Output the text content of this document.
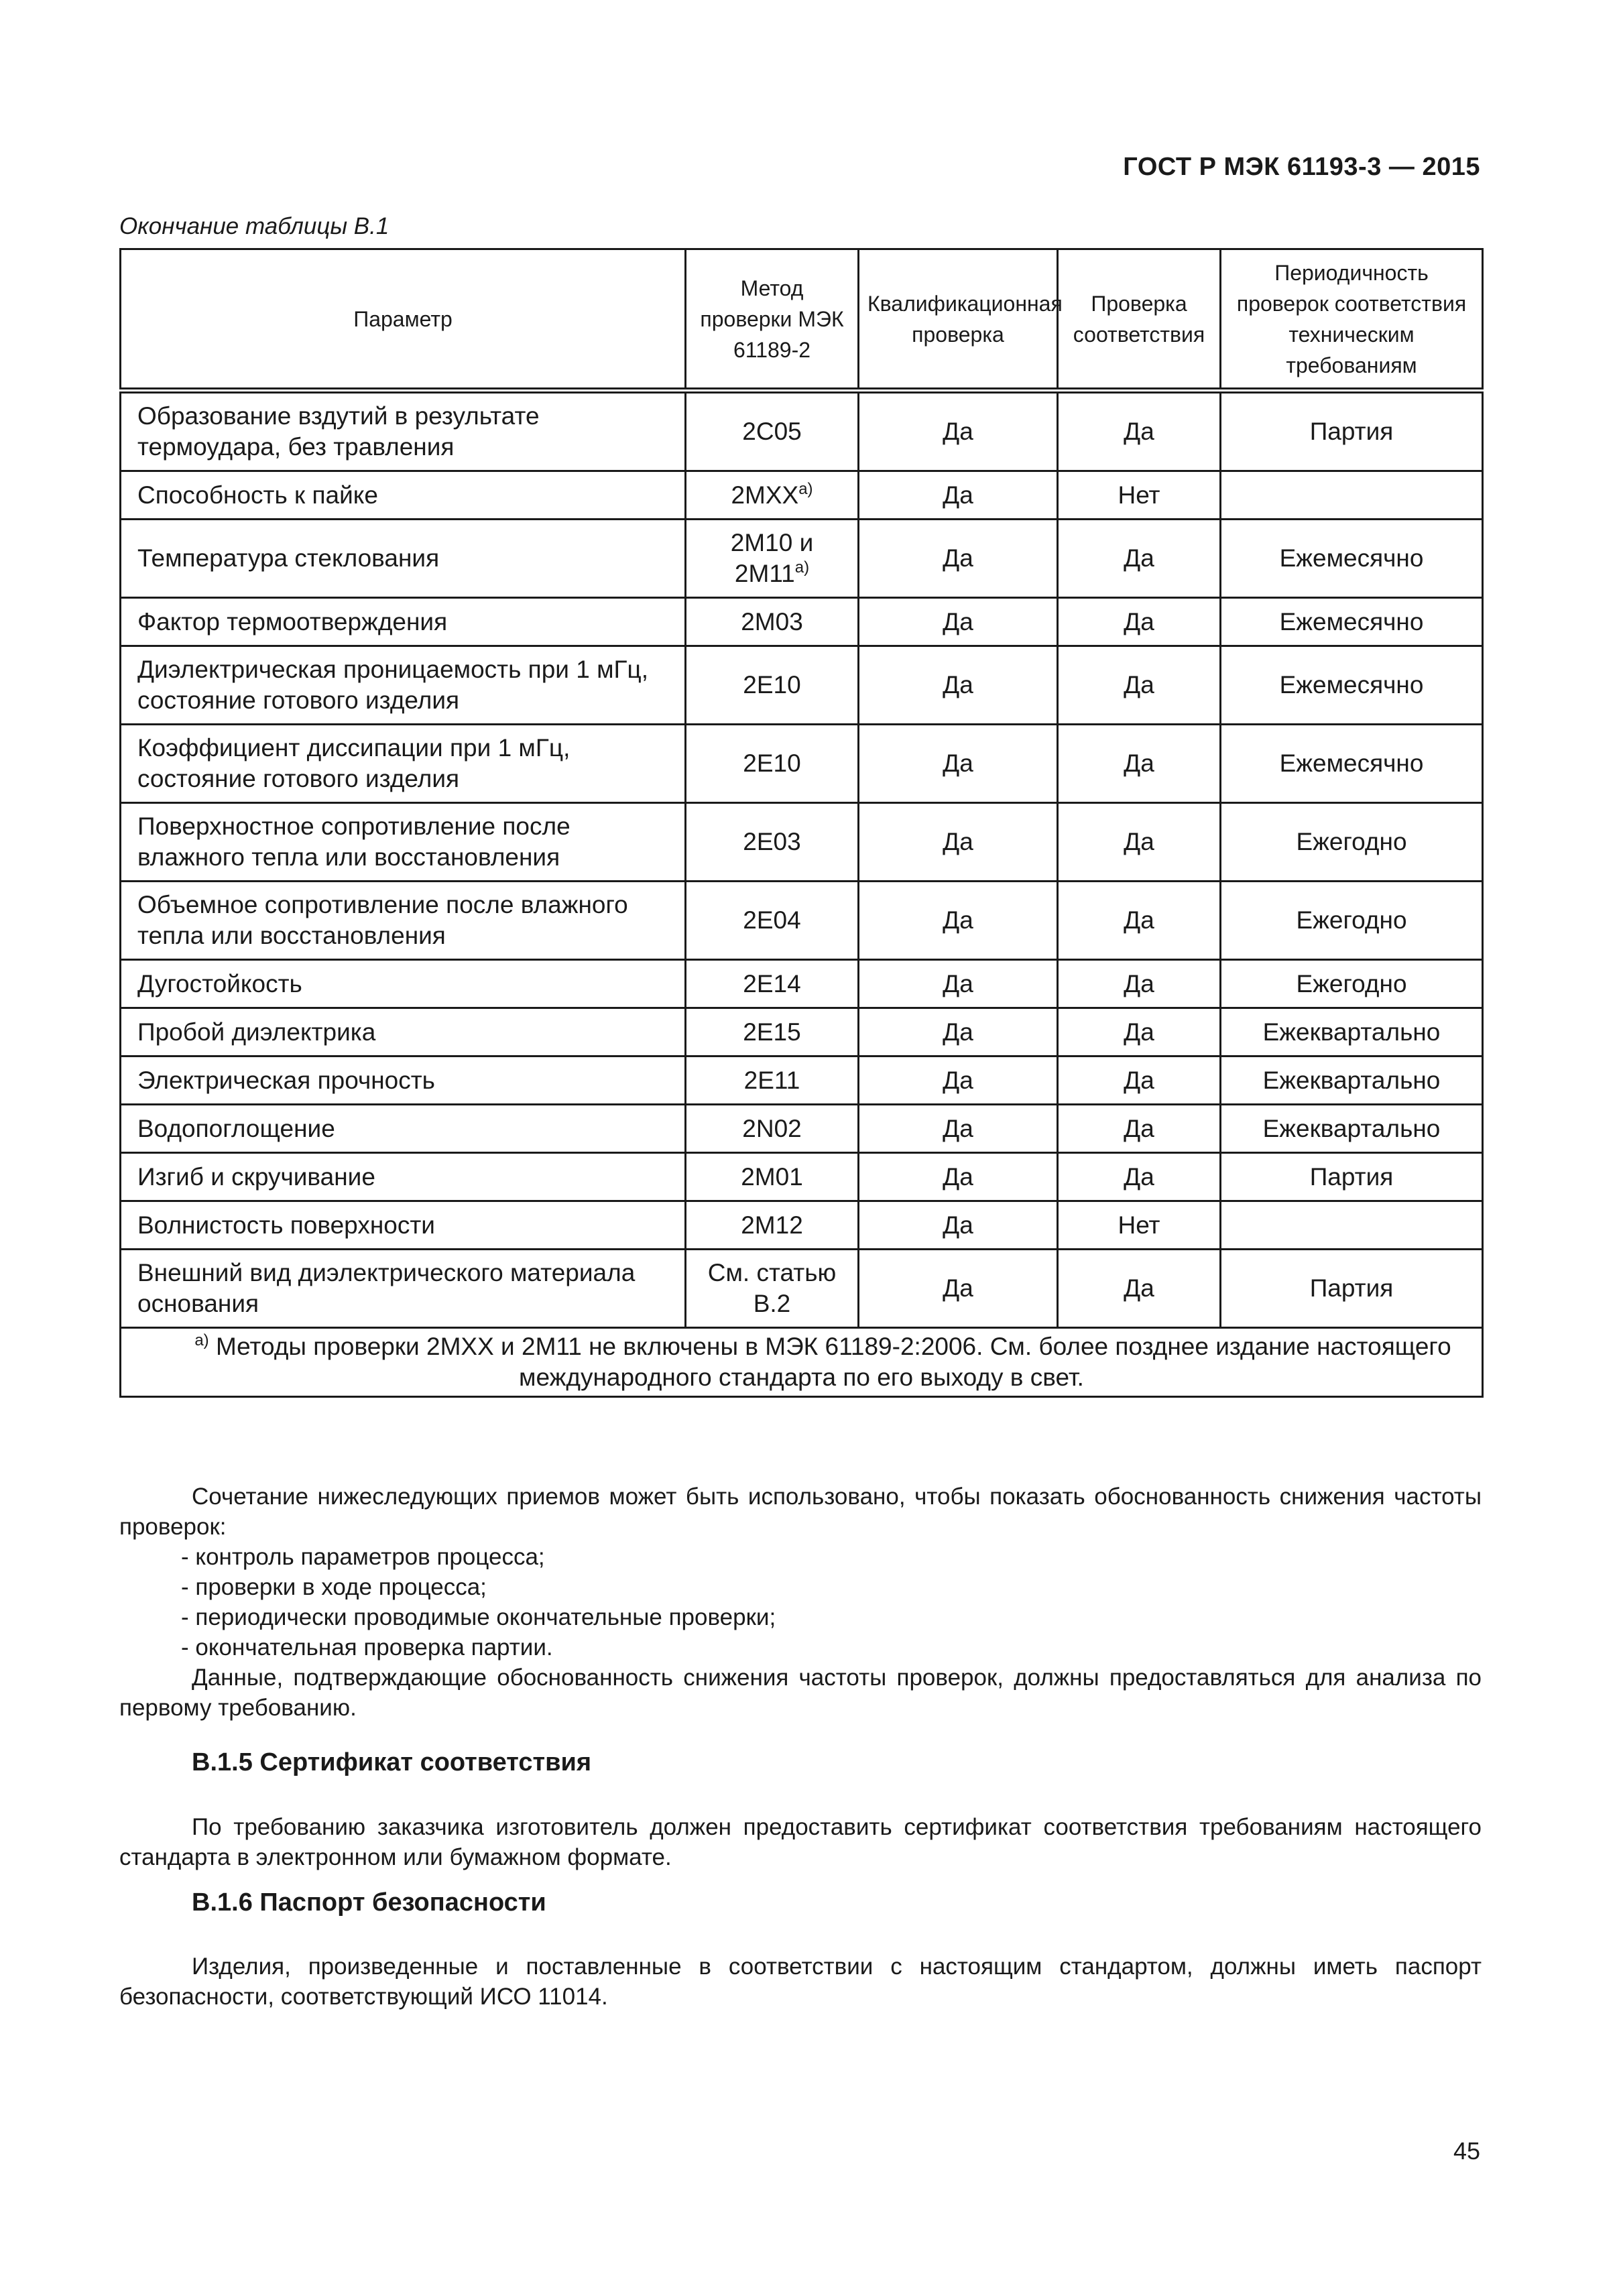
ГОСТ Р МЭК 61193-3 — 2015
Окончание таблицы В.1
Параметр	Метод проверки МЭК 61189-2	Квалификационная проверка	Проверка соответствия	Периодичность проверок соответствия техническим требованиям
Образование вздутий в результате термоудара, без травления	2С05	Да	Да	Партия
Способность к пайке	$2МХХ^{а)}$	Да	Нет	
Температура стеклования	2М10 и $2М11^{а)}$	Да	Да	Ежемесячно
Фактор термоотверждения	2М03	Да	Да	Ежемесячно
Диэлектрическая проницаемость при 1 мГц, состояние готового изделия	2Е10	Да	Да	Ежемесячно
Коэффициент диссипации при 1 мГц, состояние готового изделия	2Е10	Да	Да	Ежемесячно
Поверхностное сопротивление после влажного тепла или восстановления	2Е03	Да	Да	Ежегодно
Объемное сопротивление после влажного тепла или восстановления	2Е04	Да	Да	Ежегодно
Дугостойкость	2Е14	Да	Да	Ежегодно
Пробой диэлектрика	2Е15	Да	Да	Ежеквартально
Электрическая прочность	2Е11	Да	Да	Ежеквартально
Водопоглощение	2N02	Да	Да	Ежеквартально
Изгиб и скручивание	2М01	Да	Да	Партия
Волнистость поверхности	2М12	Да	Нет	
Внешний вид диэлектрического материала основания	См. статью В.2	Да	Да	Партия
$^{а)}$ Методы проверки 2МХХ и 2М11 не включены в МЭК 61189-2:2006. См. более позднее издание настоящего международного стандарта по его выходу в свет.				

Сочетание нижеследующих приемов может быть использовано, чтобы показать обоснованность снижения частоты проверок:

- контроль параметров процесса;
- проверки в ходе процесса;
- периодически проводимые окончательные проверки;
- окончательная проверка партии.

Данные, подтверждающие обоснованность снижения частоты проверок, должны предоставляться для анализа по первому требованию.

В.1.5 Сертификат соответствия

По требованию заказчика изготовитель должен предоставить сертификат соответствия требованиям настоящего стандарта в электронном или бумажном формате.

В.1.6 Паспорт безопасности

Изделия, произведенные и поставленные в соответствии с настоящим стандартом, должны иметь паспорт безопасности, соответствующий ИСО 11014.

45
